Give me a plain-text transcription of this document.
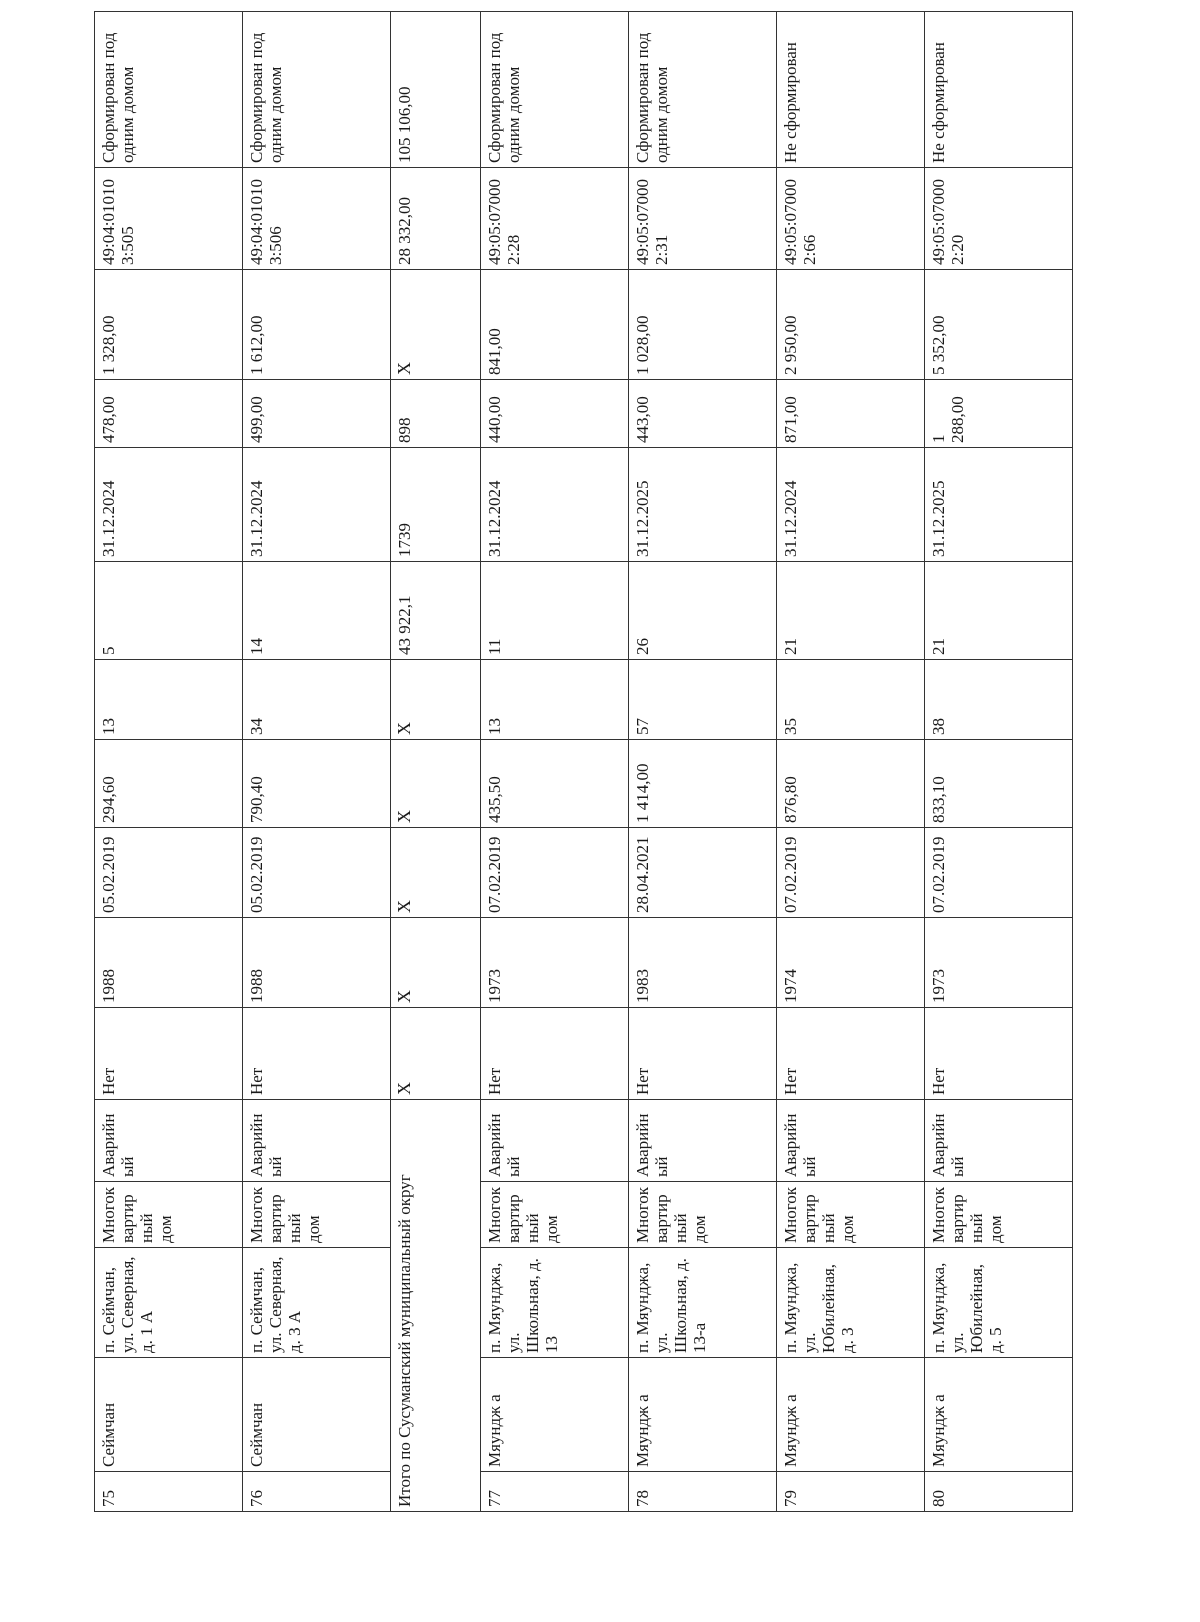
75	Сеймчан	п. Сеймчан, ул. Северная, д. 1 А	Многоквартирный дом	Аварийный	Нет	1988	05.02.2019	294,60	13	5	31.12.2024	478,00	1 328,00	49:04:010103:505	Сформирован под одним домом
76	Сеймчан	п. Сеймчан, ул. Северная, д. 3 А	Многоквартирный дом	Аварийный	Нет	1988	05.02.2019	790,40	34	14	31.12.2024	499,00	1 612,00	49:04:010103:506	Сформирован под одним домом
Итого по Сусуманский муниципальный округ					X	X	X	X	X	43 922,1	1739	898	X	28 332,00	105 106,00
77	Мяундж а	п. Мяунджа, ул. Школьная, д. 13	Многоквартирный дом	Аварийный	Нет	1973	07.02.2019	435,50	13	11	31.12.2024	440,00	841,00	49:05:070002:28	Сформирован под одним домом
78	Мяундж а	п. Мяунджа, ул. Школьная, д. 13-а	Многоквартирный дом	Аварийный	Нет	1983	28.04.2021	1 414,00	57	26	31.12.2025	443,00	1 028,00	49:05:070002:31	Сформирован под одним домом
79	Мяундж а	п. Мяунджа, ул. Юбилейная, д. 3	Многоквартирный дом	Аварийный	Нет	1974	07.02.2019	876,80	35	21	31.12.2024	871,00	2 950,00	49:05:070002:66	Не сформирован
80	Мяундж а	п. Мяунджа, ул. Юбилейная, д. 5	Многоквартирный дом	Аварийный	Нет	1973	07.02.2019	833,10	38	21	31.12.2025	1 288,00	5 352,00	49:05:070002:20	Не сформирован
